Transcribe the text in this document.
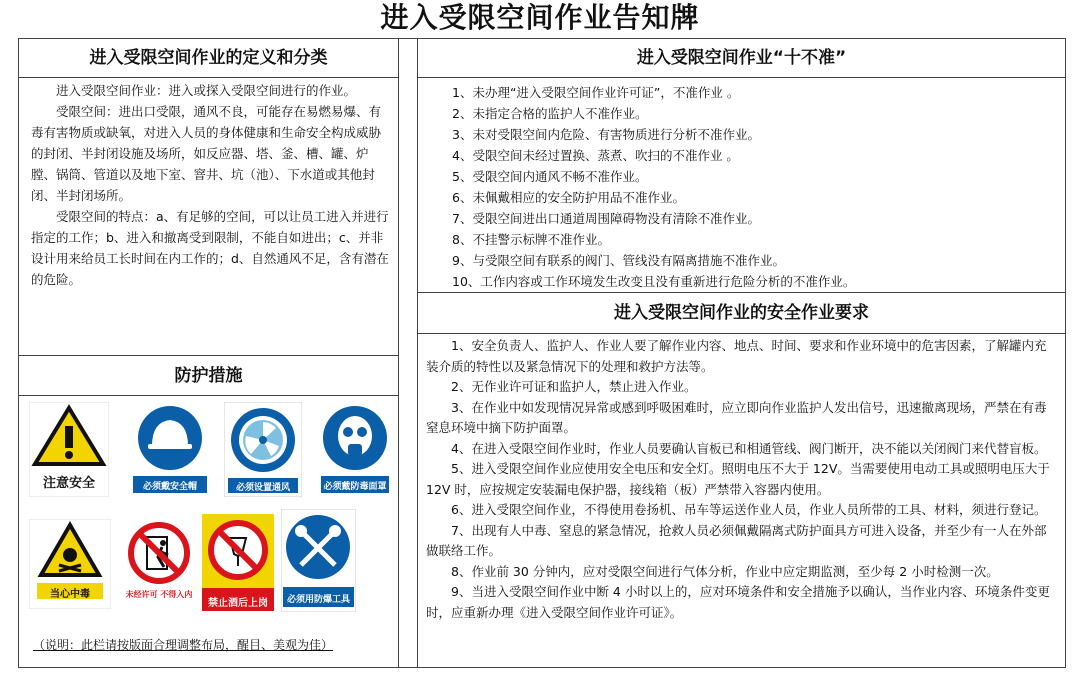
进入受限空间作业告知牌
进入受限空间作业的定义和分类

进入受限空间作业：进入或探入受限空间进行的作业。

受限空间：进出口受限，通风不良，可能存在易燃易爆、有毒有害物质或缺氧，对进入人员的身体健康和生命安全构成威胁的封闭、半封闭设施及场所，如反应器、塔、釜、槽、罐、炉膛、锅筒、管道以及地下室、窨井、坑（池）、下水道或其他封闭、半封闭场所。

受限空间的特点：a、有足够的空间，可以让员工进入并进行指定的工作；b、进入和撤离受到限制，不能自如进出；c、并非设计用来给员工长时间在内工作的；d、自然通风不足，含有潜在的危险。

防护措施
注意安全	必须戴安全帽	必须设置通风	必须戴防毒面罩
当心中毒	未经许可 不得入内
禁止酒后上岗	必须用防爆工具
（说明：此栏请按版面合理调整布局，醒目、美观为佳）
进入受限空间作业“十不准”
1、未办理“进入受限空间作业许可证”，不准作业 。
2、未指定合格的监护人不准作业。
3、未对受限空间内危险、有害物质进行分析不准作业。
4、受限空间未经过置换、蒸煮、吹扫的不准作业 。
5、受限空间内通风不畅不准作业。
6、未佩戴相应的安全防护用品不准作业。
7、受限空间进出口通道周围障碍物没有清除不准作业。
8、不挂警示标牌不准作业。
9、与受限空间有联系的阀门、管线没有隔离措施不准作业。
10、工作内容或工作环境发生改变且没有重新进行危险分析的不准作业。
进入受限空间作业的安全作业要求

1、安全负责人、监护人、作业人要了解作业内容、地点、时间、要求和作业环境中的危害因素，了解罐内充装介质的特性以及紧急情况下的处理和救护方法等。

2、无作业许可证和监护人，禁止进入作业。

3、在作业中如发现情况异常或感到呼吸困难时，应立即向作业监护人发出信号，迅速撤离现场，严禁在有毒窒息环境中摘下防护面罩。

4、在进入受限空间作业时，作业人员要确认盲板已和相通管线、阀门断开，决不能以关闭阀门来代替盲板。

5、进入受限空间作业应使用安全电压和安全灯。照明电压不大于 12V。当需要使用电动工具或照明电压大于 12V 时，应按规定安装漏电保护器，接线箱（板）严禁带入容器内使用。

6、进入受限空间作业，不得使用卷扬机、吊车等运送作业人员，作业人员所带的工具、材料，须进行登记。

7、出现有人中毒、窒息的紧急情况，抢救人员必须佩戴隔离式防护面具方可进入设备，并至少有一人在外部做联络工作。

8、作业前 30 分钟内，应对受限空间进行气体分析，作业中应定期监测，至少每 2 小时检测一次。

9、当进入受限空间作业中断 4 小时以上的，应对环境条件和安全措施予以确认，当作业内容、环境条件变更时，应重新办理《进入受限空间作业许可证》。
